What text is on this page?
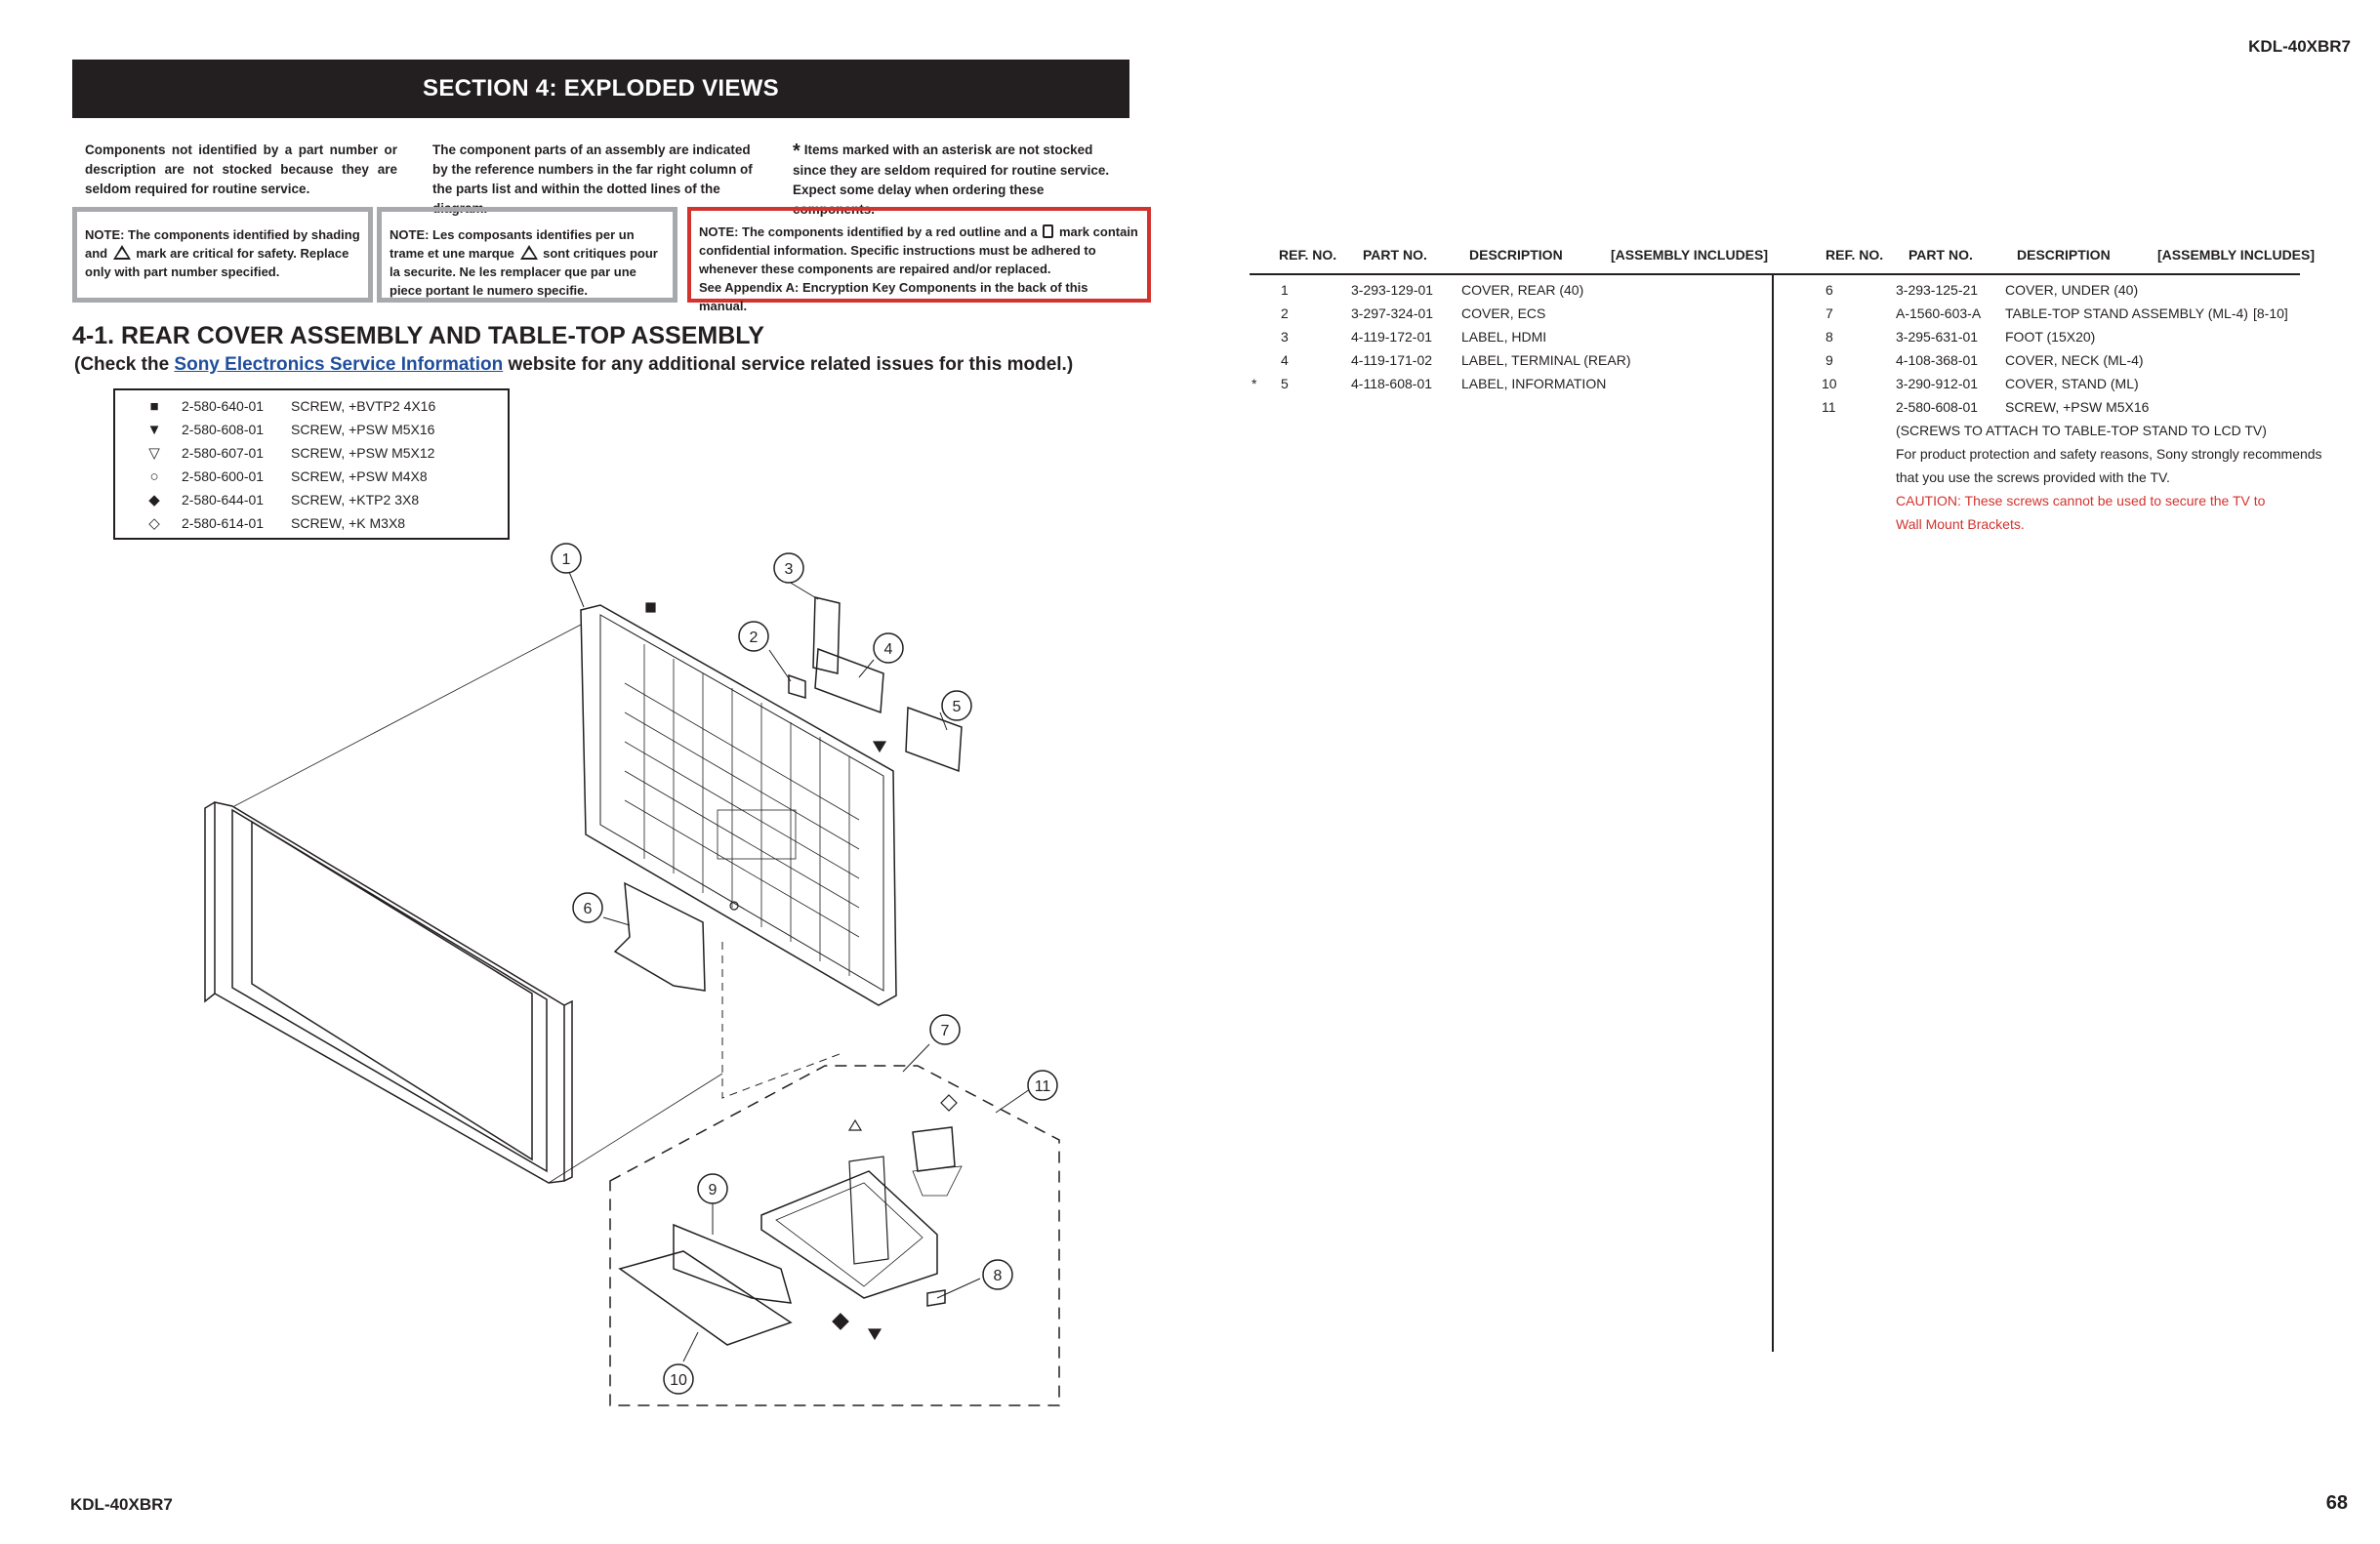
KDL-40XBR7
KDL-40XBR7	68
SECTION 4: EXPLODED VIEWS
Components not identified by a part number or description are not stocked because they are seldom required for routine service.
The component parts of an assembly are indicated by the reference numbers in the far right column of the parts list and within the dotted lines of the diagram.
* Items marked with an asterisk are not stocked since they are seldom required for routine service. Expect some delay when ordering these components.
NOTE: The components identified by shading and mark are critical for safety. Replace only with part number specified.
NOTE: Les composants identifies per un trame et une marque sont critiques pour la securite. Ne les remplacer que par une piece portant le numero specifie.
NOTE: The components identified by a red outline and a mark contain confidential information. Specific instructions must be adhered to whenever these components are repaired and/or replaced.
See Appendix A: Encryption Key Components in the back of this manual.
4-1. REAR COVER ASSEMBLY AND TABLE-TOP ASSEMBLY
(Check the Sony Electronics Service Information website for any additional service related issues for this model.)
■	2-580-640-01	SCREW, +BVTP2 4X16
▼	2-580-608-01	SCREW, +PSW M5X16
▽	2-580-607-01	SCREW, +PSW M5X12
○	2-580-600-01	SCREW, +PSW M4X8
◆	2-580-644-01	SCREW, +KTP2 3X8
◇	2-580-614-01	SCREW, +K M3X8
1
2
3
4
5
6
7
8
9
10
11
REF. NO. PART NO.	DESCRIPTION	[ASSEMBLY INCLUDES]	REF. NO. PART NO.	DESCRIPTION	[ASSEMBLY INCLUDES]
1	3-293-129-01 COVER, REAR (40)
2	3-297-324-01 COVER, ECS
3	4-119-172-01 LABEL, HDMI
4	4-119-171-02 LABEL, TERMINAL (REAR)
* 5	4-118-608-01 LABEL, INFORMATION
6	3-293-125-21 COVER, UNDER (40)
7	A-1560-603-A TABLE-TOP STAND ASSEMBLY (ML-4) [8-10]
8	3-295-631-01 FOOT (15X20)
9	4-108-368-01 COVER, NECK (ML-4)
10	3-290-912-01 COVER, STAND (ML)
11	2-580-608-01 SCREW, +PSW M5X16
(SCREWS TO ATTACH TO TABLE-TOP STAND TO LCD TV)
For product protection and safety reasons, Sony strongly recommends
that you use the screws provided with the TV.
CAUTION: These screws cannot be used to secure the TV to
Wall Mount Brackets.
